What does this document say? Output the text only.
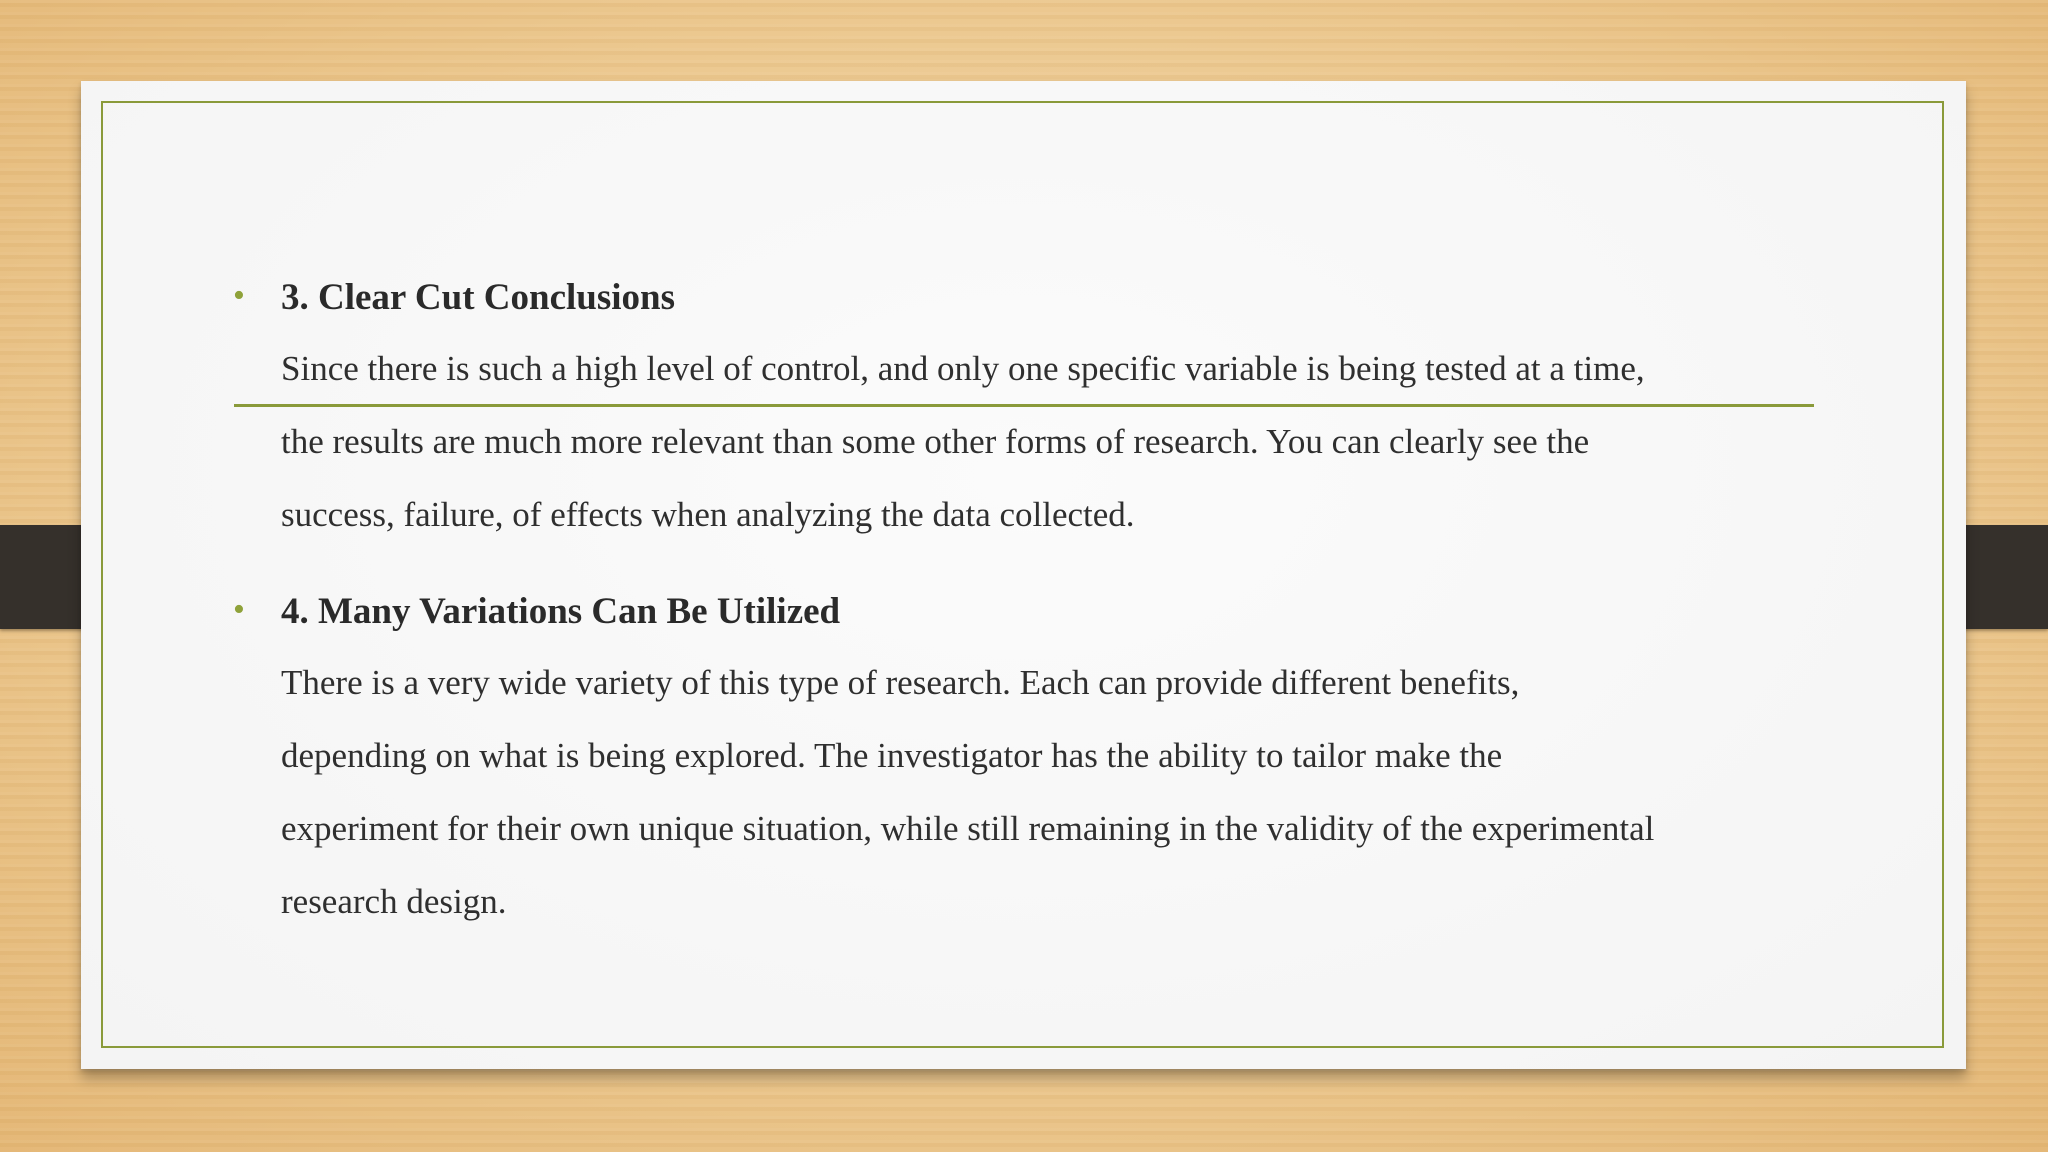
• 3. Clear Cut Conclusions
Since there is such a high level of control, and only one specific variable is being tested at a time,
the results are much more relevant than some other forms of research. You can clearly see the
success, failure, of effects when analyzing the data collected.
• 4. Many Variations Can Be Utilized
There is a very wide variety of this type of research. Each can provide different benefits,
depending on what is being explored. The investigator has the ability to tailor make the
experiment for their own unique situation, while still remaining in the validity of the experimental
research design.
